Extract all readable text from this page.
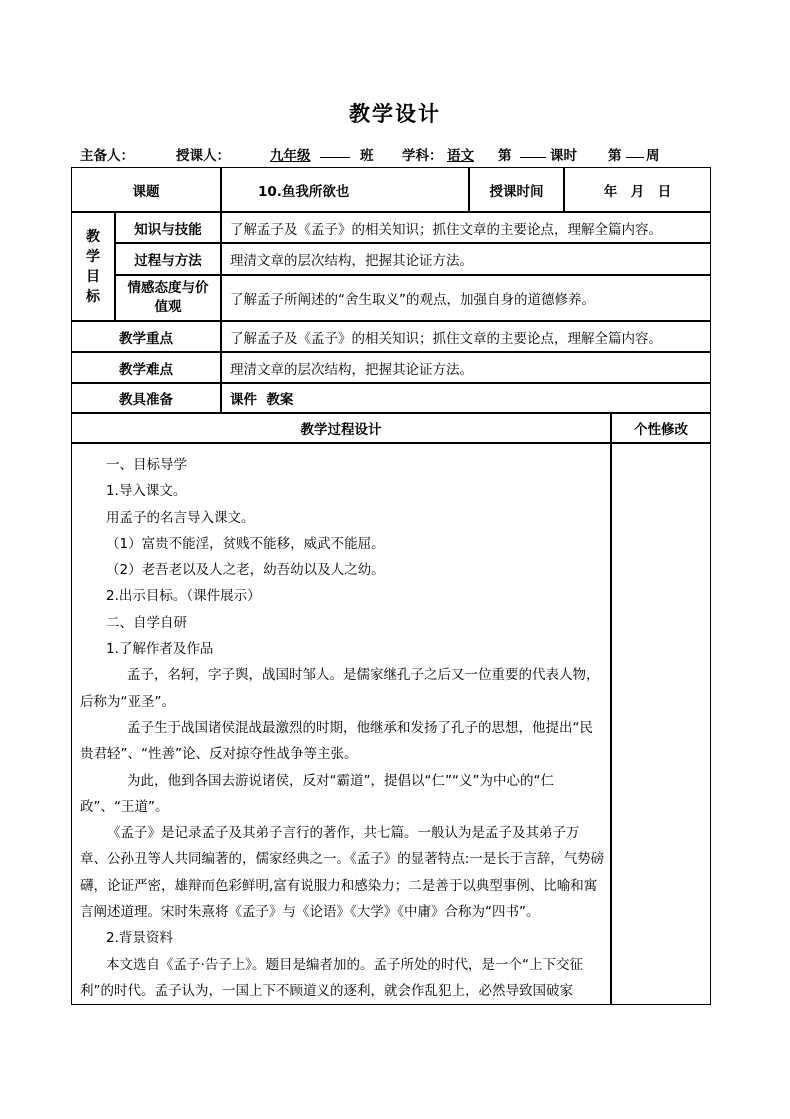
教学设计
主备人：	授课人：	九年级	班 学科： 语文 第	课时 第 周
课题	10.鱼我所欲也	授课时间	年　月　日
教
学
目
标
知识与技能	了解孟子及《孟子》的相关知识；抓住文章的主要论点，理解全篇内容。
过程与方法	理清文章的层次结构，把握其论证方法。
情感态度与价值观	了解孟子所阐述的“舍生取义”的观点，加强自身的道德修养。
教学重点	了解孟子及《孟子》的相关知识；抓住文章的主要论点，理解全篇内容。
教学难点	理清文章的层次结构，把握其论证方法。
教具准备	课件  教案
教学过程设计	个性修改

一、目标导学

1.导入课文。

用孟子的名言导入课文。

（1）富贵不能淫，贫贱不能移，威武不能屈。

（2）老吾老以及人之老，幼吾幼以及人之幼。

2.出示目标。（课件展示）

二、自学自研

1.了解作者及作品

孟子，名轲，字子舆，战国时邹人。是儒家继孔子之后又一位重要的代表人物，后称为“亚圣”。

孟子生于战国诸侯混战最激烈的时期，他继承和发扬了孔子的思想，他提出“民贵君轻”、“性善”论、反对掠夺性战争等主张。

为此，他到各国去游说诸侯，反对“霸道”，提倡以“仁”“义”为中心的“仁政”、“王道”。

《孟子》是记录孟子及其弟子言行的著作，共七篇。一般认为是孟子及其弟子万章、公孙丑等人共同编著的，儒家经典之一。《孟子》的显著特点:一是长于言辞，气势磅礴，论证严密，雄辩而色彩鲜明,富有说服力和感染力；二是善于以典型事例、比喻和寓言阐述道理。宋时朱熹将《孟子》与《论语》《大学》《中庸》合称为“四书”。

2.背景资料

本文选自《孟子·告子上》。题目是编者加的。孟子所处的时代，是一个“上下交征利”的时代。孟子认为，一国上下不顾道义的逐利，就会作乱犯上，必然导致国破家
